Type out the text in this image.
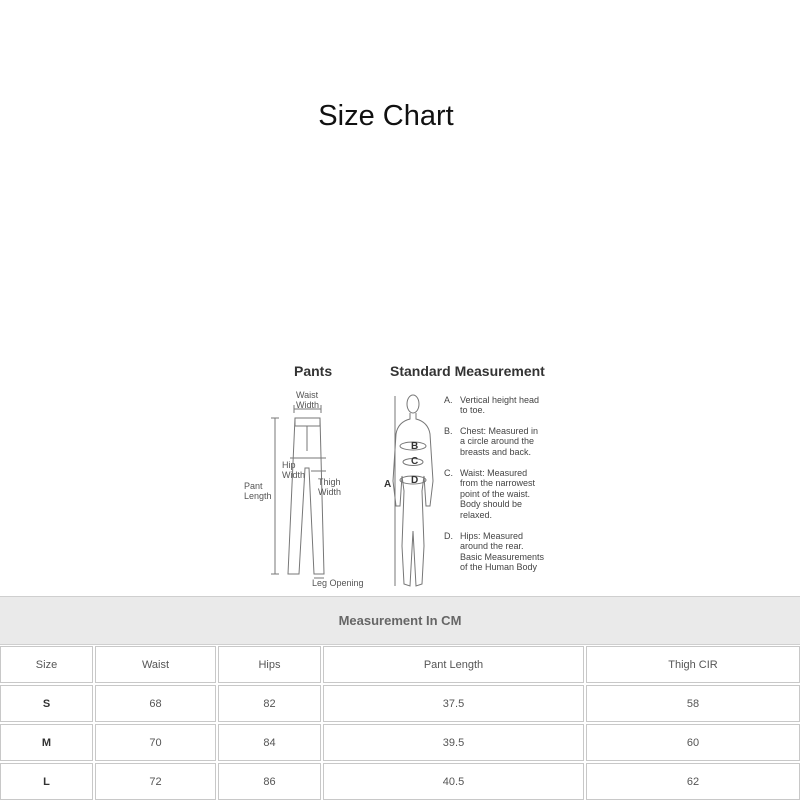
Size Chart
Pants	Standard Measurement
Waist
Width
Hip
Width
Thigh
Width
Pant
Length
Leg Opening
A
B
C
D
A. Vertical height head
to toe.
B. Chest: Measured in
a circle around the
breasts and back.
C. Waist: Measured
from the narrowest
point of the waist.
Body should be
relaxed.
D. Hips: Measured
around the rear.
Basic Measurements
of the Human Body
Measurement In CM
Size	Waist	Hips	Pant Length	Thigh CIR
S	68	82	37.5	58
M	70	84	39.5	60
L	72	86	40.5	62
